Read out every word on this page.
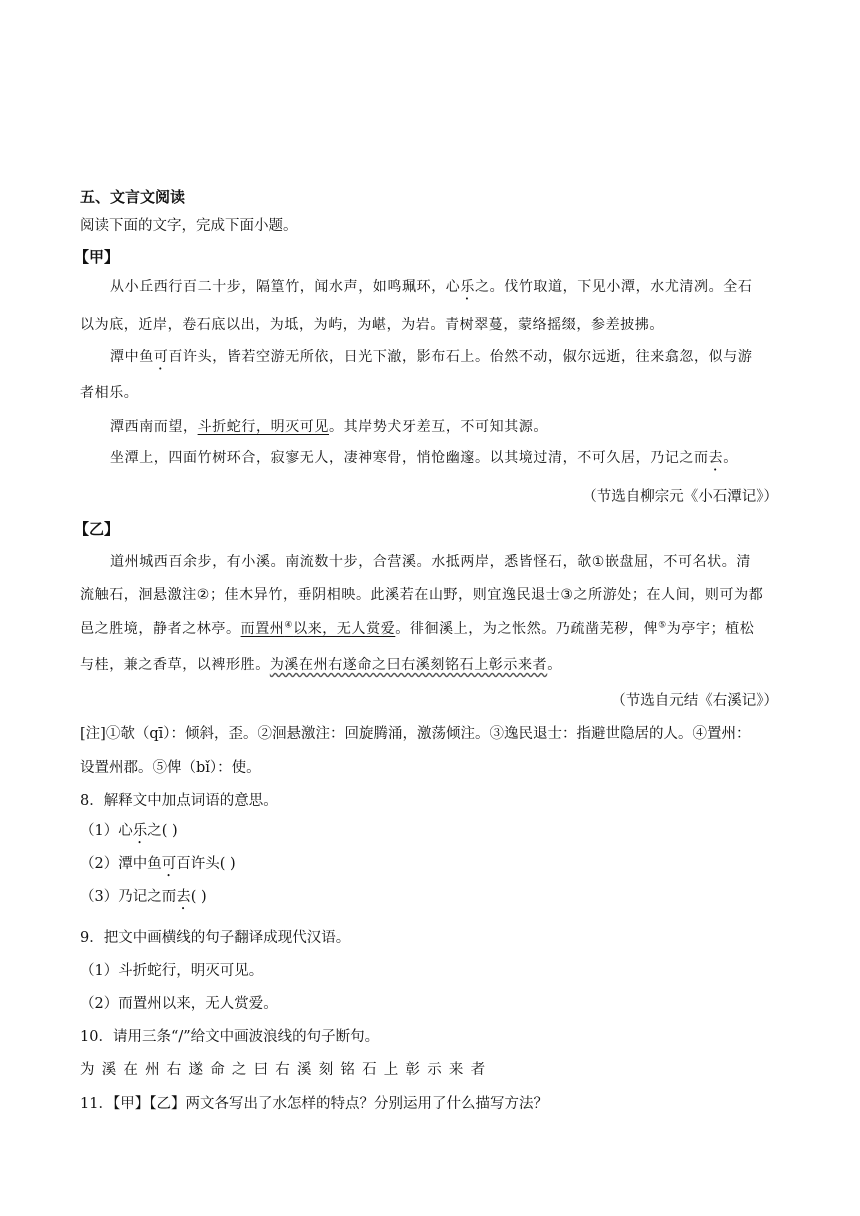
五、文言文阅读
阅读下面的文字，完成下面小题。
【甲】
从小丘西行百二十步，隔篁竹，闻水声，如鸣珮环，心乐之。伐竹取道，下见小潭，水尤清冽。全石
以为底，近岸，卷石底以出，为坻，为屿，为嵁，为岩。青树翠蔓，蒙络摇缀，参差披拂。
潭中鱼可百许头，皆若空游无所依，日光下澈，影布石上。佁然不动，俶尔远逝，往来翕忽，似与游
者相乐。
潭西南而望，斗折蛇行，明灭可见。其岸势犬牙差互，不可知其源。
坐潭上，四面竹树环合，寂寥无人，凄神寒骨，悄怆幽邃。以其境过清，不可久居，乃记之而去。
（节选自柳宗元《小石潭记》）
【乙】
道州城西百余步，有小溪。南流数十步，合营溪。水抵两岸，悉皆怪石，欹①嵌盘屈，不可名状。清
流触石，洄悬激注②；佳木异竹，垂阴相映。此溪若在山野，则宜逸民退士③之所游处；在人间，则可为都
邑之胜境，静者之林亭。而置州④以来，无人赏爱。徘徊溪上，为之怅然。乃疏凿芜秽，俾⑤为亭宇；植松
与桂，兼之香草，以裨形胜。为溪在州右遂命之曰右溪刻铭石上彰示来者。
（节选自元结《右溪记》）
[注]①欹（qī）：倾斜，歪。②洄悬激注：回旋腾涌，激荡倾注。③逸民退士：指避世隐居的人。④置州：
设置州郡。⑤俾（bǐ）：使。
8．解释文中加点词语的意思。
（1）心乐之( )
（2）潭中鱼可百许头( )
（3）乃记之而去( )
9．把文中画横线的句子翻译成现代汉语。
（1）斗折蛇行，明灭可见。
（2）而置州以来，无人赏爱。
10．请用三条“/”给文中画波浪线的句子断句。
为溪在州右遂命之曰右溪刻铭石上彰示来者
11．【甲】【乙】两文各写出了水怎样的特点？分别运用了什么描写方法？
